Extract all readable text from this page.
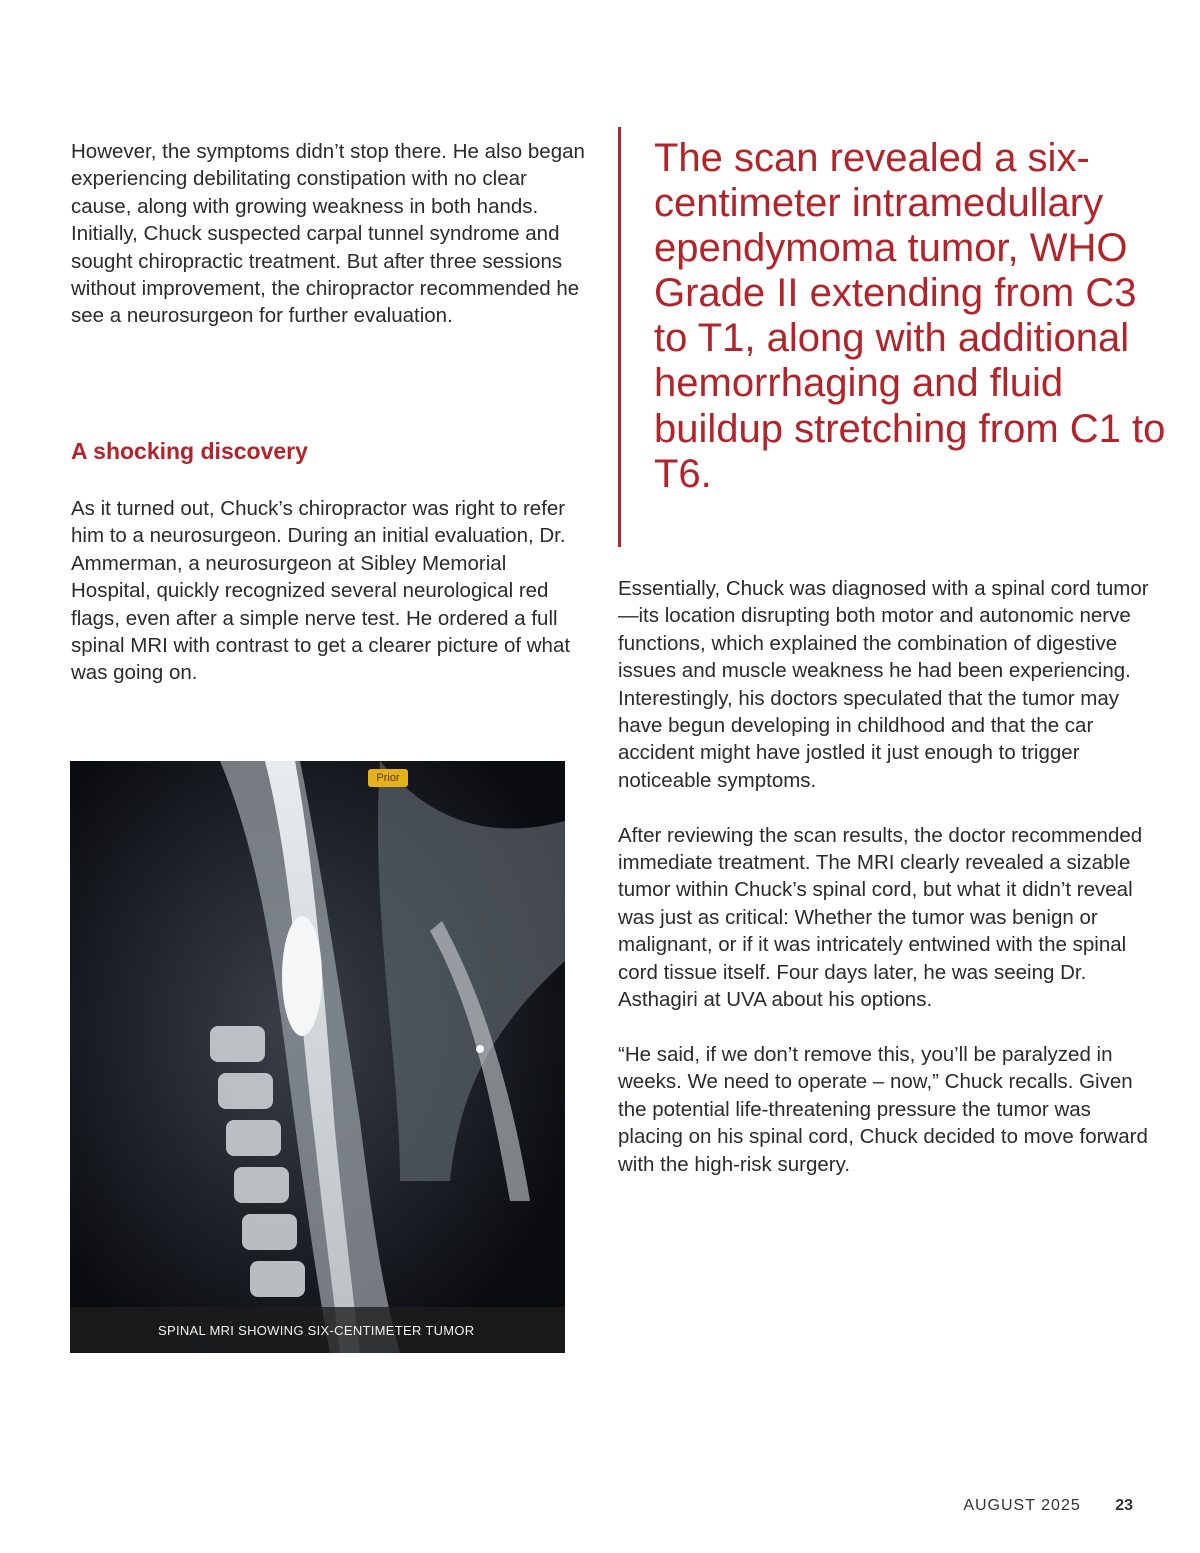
However, the symptoms didn’t stop there. He also began experiencing debilitating constipation with no clear cause, along with growing weakness in both hands. Initially, Chuck suspected carpal tunnel syndrome and sought chiropractic treatment. But after three sessions without improvement, the chiropractor recommended he see a neurosurgeon for further evaluation.

A shocking discovery

As it turned out, Chuck’s chiropractor was right to refer him to a neurosurgeon. During an initial evaluation, Dr. Ammerman, a neurosurgeon at Sibley Memorial Hospital, quickly recognized several neurological red flags, even after a simple nerve test. He ordered a full spinal MRI with contrast to get a clearer picture of what was going on.

Prior
SPINAL MRI SHOWING SIX-CENTIMETER TUMOR

The scan revealed a six-centimeter intramedullary ependymoma tumor, WHO Grade II extending from C3 to T1, along with additional hemorrhaging and fluid buildup stretching from C1 to T6.

Essentially, Chuck was diagnosed with a spinal cord tumor—its location disrupting both motor and autonomic nerve functions, which explained the combination of digestive issues and muscle weakness he had been experiencing. Interestingly, his doctors speculated that the tumor may have begun developing in childhood and that the car accident might have jostled it just enough to trigger noticeable symptoms.

After reviewing the scan results, the doctor recommended immediate treatment. The MRI clearly revealed a sizable tumor within Chuck’s spinal cord, but what it didn’t reveal was just as critical: Whether the tumor was benign or malignant, or if it was intricately entwined with the spinal cord tissue itself. Four days later, he was seeing Dr. Asthagiri at UVA about his options.

“He said, if we don’t remove this, you’ll be paralyzed in weeks. We need to operate – now,” Chuck recalls. Given the potential life-threatening pressure the tumor was placing on his spinal cord, Chuck decided to move forward with the high-risk surgery.

AUGUST 2025 23
